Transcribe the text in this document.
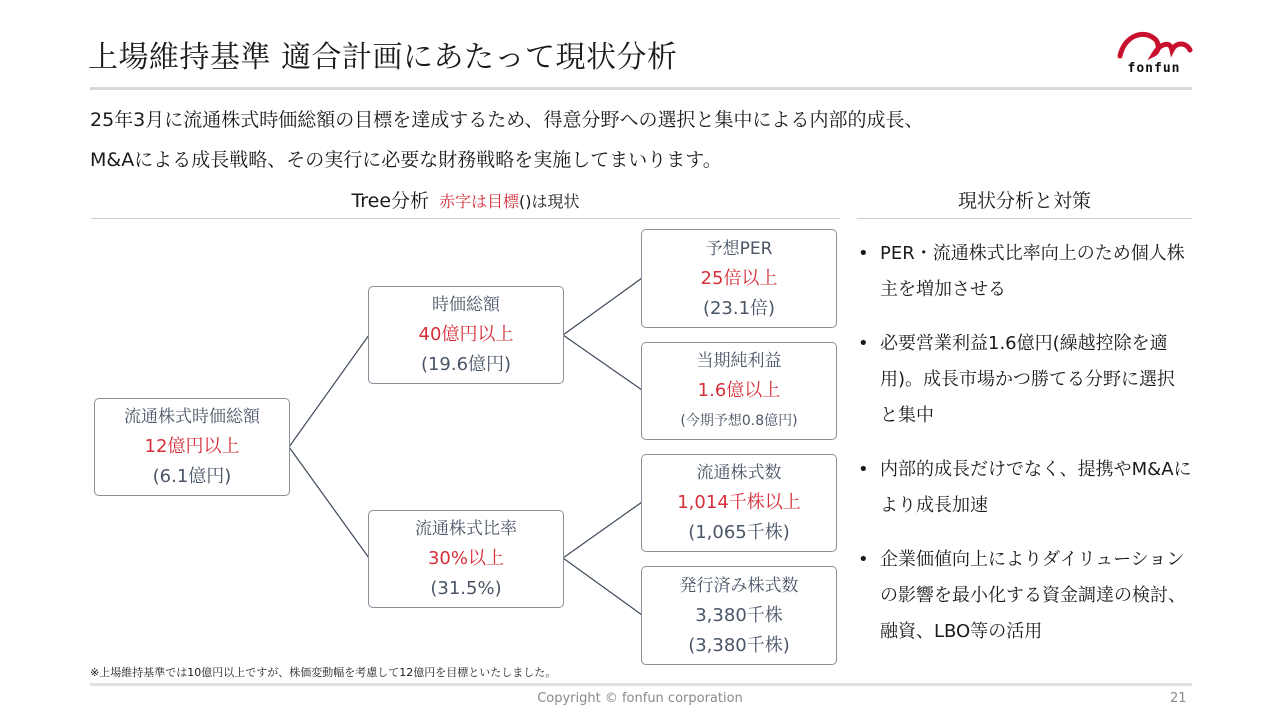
上場維持基準 適合計画にあたって現状分析	fonfun
25年3月に流通株式時価総額の目標を達成するため、得意分野への選択と集中による内部的成長、
M&Aによる成長戦略、その実行に必要な財務戦略を実施してまいります。
Tree分析 赤字は目標()は現状	現状分析と対策
流通株式時価総額
12億円以上
(6.1億円)
時価総額
40億円以上
(19.6億円)
流通株式比率
30%以上
(31.5%)
予想PER
25倍以上
(23.1倍)
当期純利益
1.6億以上
(今期予想0.8億円)
流通株式数
1,014千株以上
(1,065千株)
発行済み株式数
3,380千株
(3,380千株)
• PER・流通株式比率向上のため個人株主を増加させる
• 必要営業利益1.6億円(繰越控除を適用)。成長市場かつ勝てる分野に選択と集中
• 内部的成長だけでなく、提携やM&Aにより成長加速
• 企業価値向上によりダイリューションの影響を最小化する資金調達の検討、融資、LBO等の活用
※上場維持基準では10億円以上ですが、株価変動幅を考慮して12億円を目標といたしました。
Copyright © fonfun corporation	21
